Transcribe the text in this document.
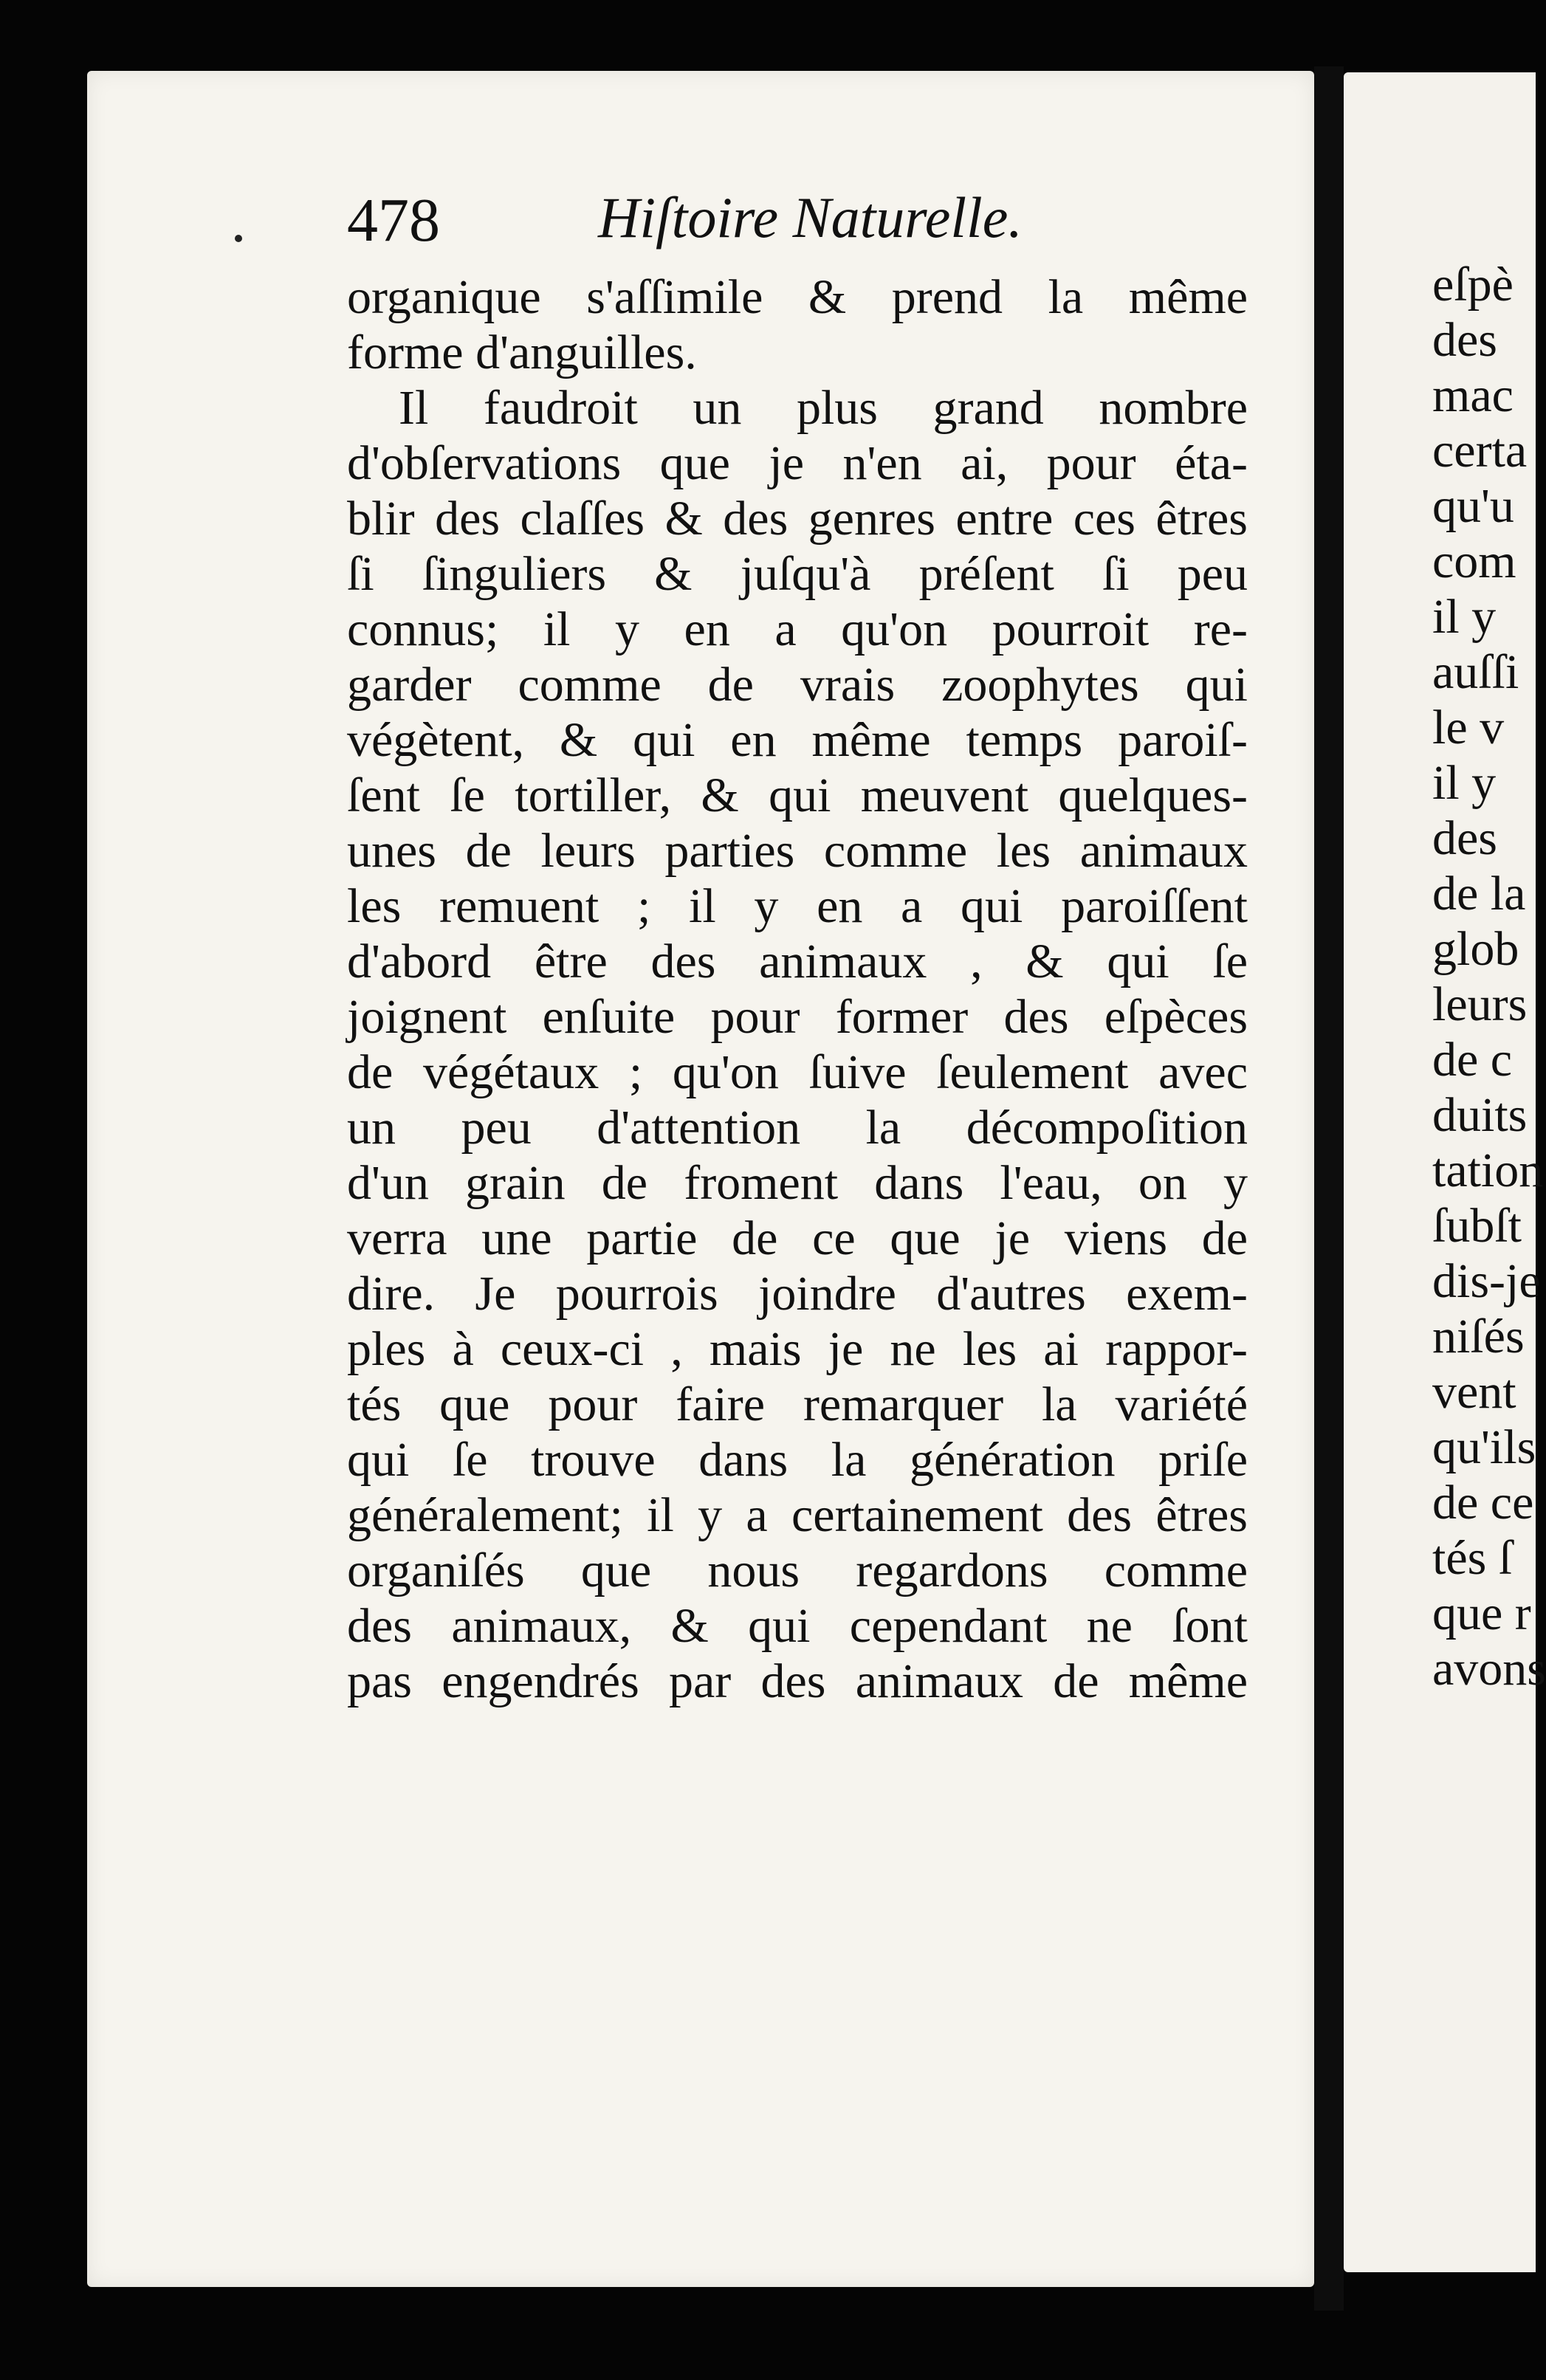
eſpè
des
mac
certa
qu'u
com
il y
auſſi
le v
il y
des
de la
glob
leurs
de c
duits
tation
ſubſt
dis-je
niſés
vent
qu'ils
de ce
tés ſ
que r
avons
478	Hiſtoire Naturelle.
organique s'aſſimile & prend la même
forme d'anguilles.
Il faudroit un plus grand nombre
d'obſervations que je n'en ai, pour éta-
blir des claſſes & des genres entre ces êtres
ſi ſinguliers & juſqu'à préſent ſi peu
connus; il y en a qu'on pourroit re-
garder comme de vrais zoophytes qui
végètent, & qui en même temps paroiſ-
ſent ſe tortiller, & qui meuvent quelques-
unes de leurs parties comme les animaux
les remuent ; il y en a qui paroiſſent
d'abord être des animaux , & qui ſe
joignent enſuite pour former des eſpèces
de végétaux ; qu'on ſuive ſeulement avec
un peu d'attention la décompoſition
d'un grain de froment dans l'eau, on y
verra une partie de ce que je viens de
dire. Je pourrois joindre d'autres exem-
ples à ceux-ci , mais je ne les ai rappor-
tés que pour faire remarquer la variété
qui ſe trouve dans la génération priſe
généralement; il y a certainement des êtres
organiſés que nous regardons comme
des animaux, & qui cependant ne ſont
pas engendrés par des animaux de même
